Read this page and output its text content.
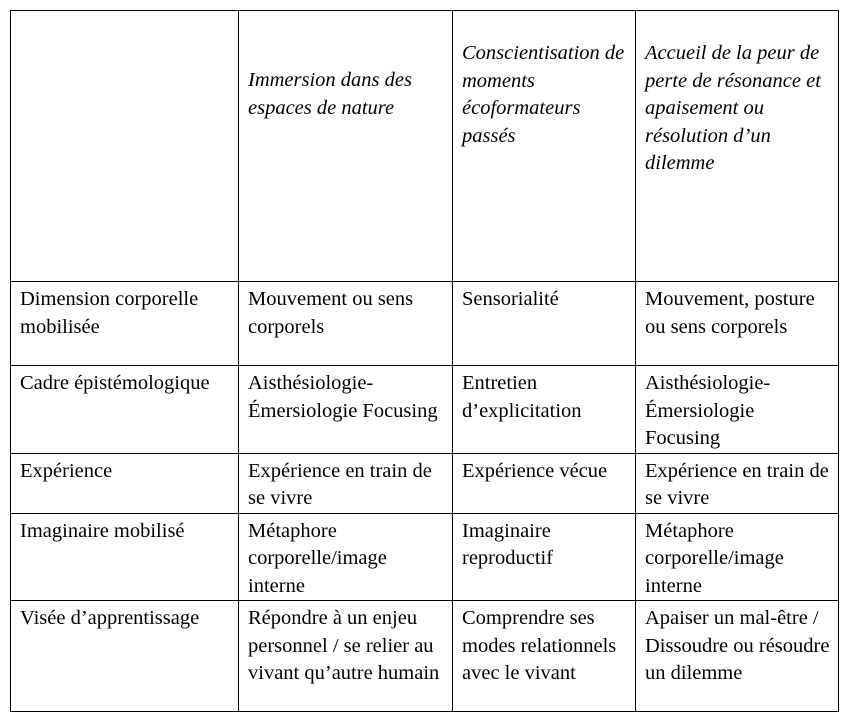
	Immersion dans des espaces de nature	Conscientisation de moments écoformateurs passés	Accueil de la peur de perte de résonance et apaisement ou résolution d’un dilemme
Dimension corporelle mobilisée	Mouvement ou sens corporels	Sensorialité	Mouvement, posture ou sens corporels
Cadre épistémologique	Aisthésiologie-Émersiologie Focusing	Entretien d’explicitation	Aisthésiologie-Émersiologie Focusing
Expérience	Expérience en train de se vivre	Expérience vécue	Expérience en train de se vivre
Imaginaire mobilisé	Métaphore corporelle/image interne	Imaginaire reproductif	Métaphore corporelle/image interne
Visée d’apprentissage	Répondre à un enjeu personnel / se relier au vivant qu’autre humain	Comprendre ses modes relationnels avec le vivant	Apaiser un mal-être / Dissoudre ou résoudre un dilemme
